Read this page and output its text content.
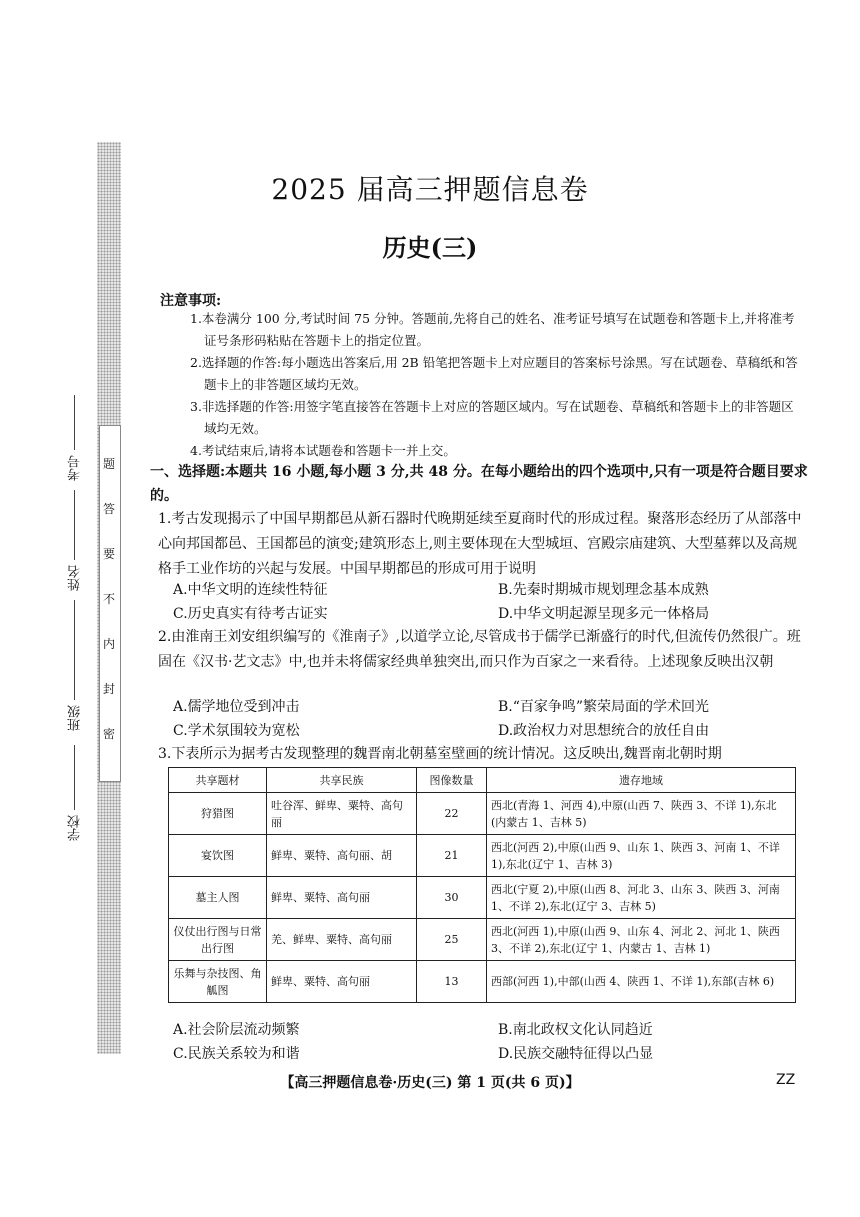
题
答
要
不
内
封
密
学校
班级
姓名
考号
2025 届高三押题信息卷
历史(三)
注意事项:

1.本卷满分 100 分,考试时间 75 分钟。答题前,先将自己的姓名、准考证号填写在试题卷和答题卡上,并将准考证号条形码粘贴在答题卡上的指定位置。

2.选择题的作答:每小题选出答案后,用 2B 铅笔把答题卡上对应题目的答案标号涂黑。写在试题卷、草稿纸和答题卡上的非答题区域均无效。

3.非选择题的作答:用签字笔直接答在答题卡上对应的答题区域内。写在试题卷、草稿纸和答题卡上的非答题区域均无效。

4.考试结束后,请将本试题卷和答题卡一并上交。

一、选择题:本题共 16 小题,每小题 3 分,共 48 分。在每小题给出的四个选项中,只有一项是符合题目要求的。

1.考古发现揭示了中国早期都邑从新石器时代晚期延续至夏商时代的形成过程。聚落形态经历了从部落中心向邦国都邑、王国都邑的演变;建筑形态上,则主要体现在大型城垣、宫殿宗庙建筑、大型墓葬以及高规格手工业作坊的兴起与发展。中国早期都邑的形成可用于说明

A.中华文明的连续性特征	B.先秦时期城市规划理念基本成熟
C.历史真实有待考古证实	D.中华文明起源呈现多元一体格局

2.由淮南王刘安组织编写的《淮南子》,以道学立论,尽管成书于儒学已渐盛行的时代,但流传仍然很广。班固在《汉书·艺文志》中,也并未将儒家经典单独突出,而只作为百家之一来看待。上述现象反映出汉朝

A.儒学地位受到冲击	B.“百家争鸣”繁荣局面的学术回光
C.学术氛围较为宽松	D.政治权力对思想统合的放任自由

3.下表所示为据考古发现整理的魏晋南北朝墓室壁画的统计情况。这反映出,魏晋南北朝时期

共享题材	共享民族	图像数量	遗存地域
狩猎图	吐谷浑、鲜卑、粟特、高句丽	22	西北(青海 1、河西 4),中原(山西 7、陕西 3、不详 1),东北(内蒙古 1、吉林 5)
宴饮图	鲜卑、粟特、高句丽、胡	21	西北(河西 2),中原(山西 9、山东 1、陕西 3、河南 1、不详 1),东北(辽宁 1、吉林 3)
墓主人图	鲜卑、粟特、高句丽	30	西北(宁夏 2),中原(山西 8、河北 3、山东 3、陕西 3、河南 1、不详 2),东北(辽宁 3、吉林 5)
仪仗出行图与日常出行图	羌、鲜卑、粟特、高句丽	25	西北(河西 1),中原(山西 9、山东 4、河北 2、河北 1、陕西 3、不详 2),东北(辽宁 1、内蒙古 1、吉林 1)
乐舞与杂技图、角觚图	鲜卑、粟特、高句丽	13	西部(河西 1),中部(山西 4、陕西 1、不详 1),东部(吉林 6)
A.社会阶层流动频繁	B.南北政权文化认同趋近
C.民族关系较为和谐	D.民族交融特征得以凸显
【高三押题信息卷·历史(三) 第 1 页(共 6 页)】	ZZ
